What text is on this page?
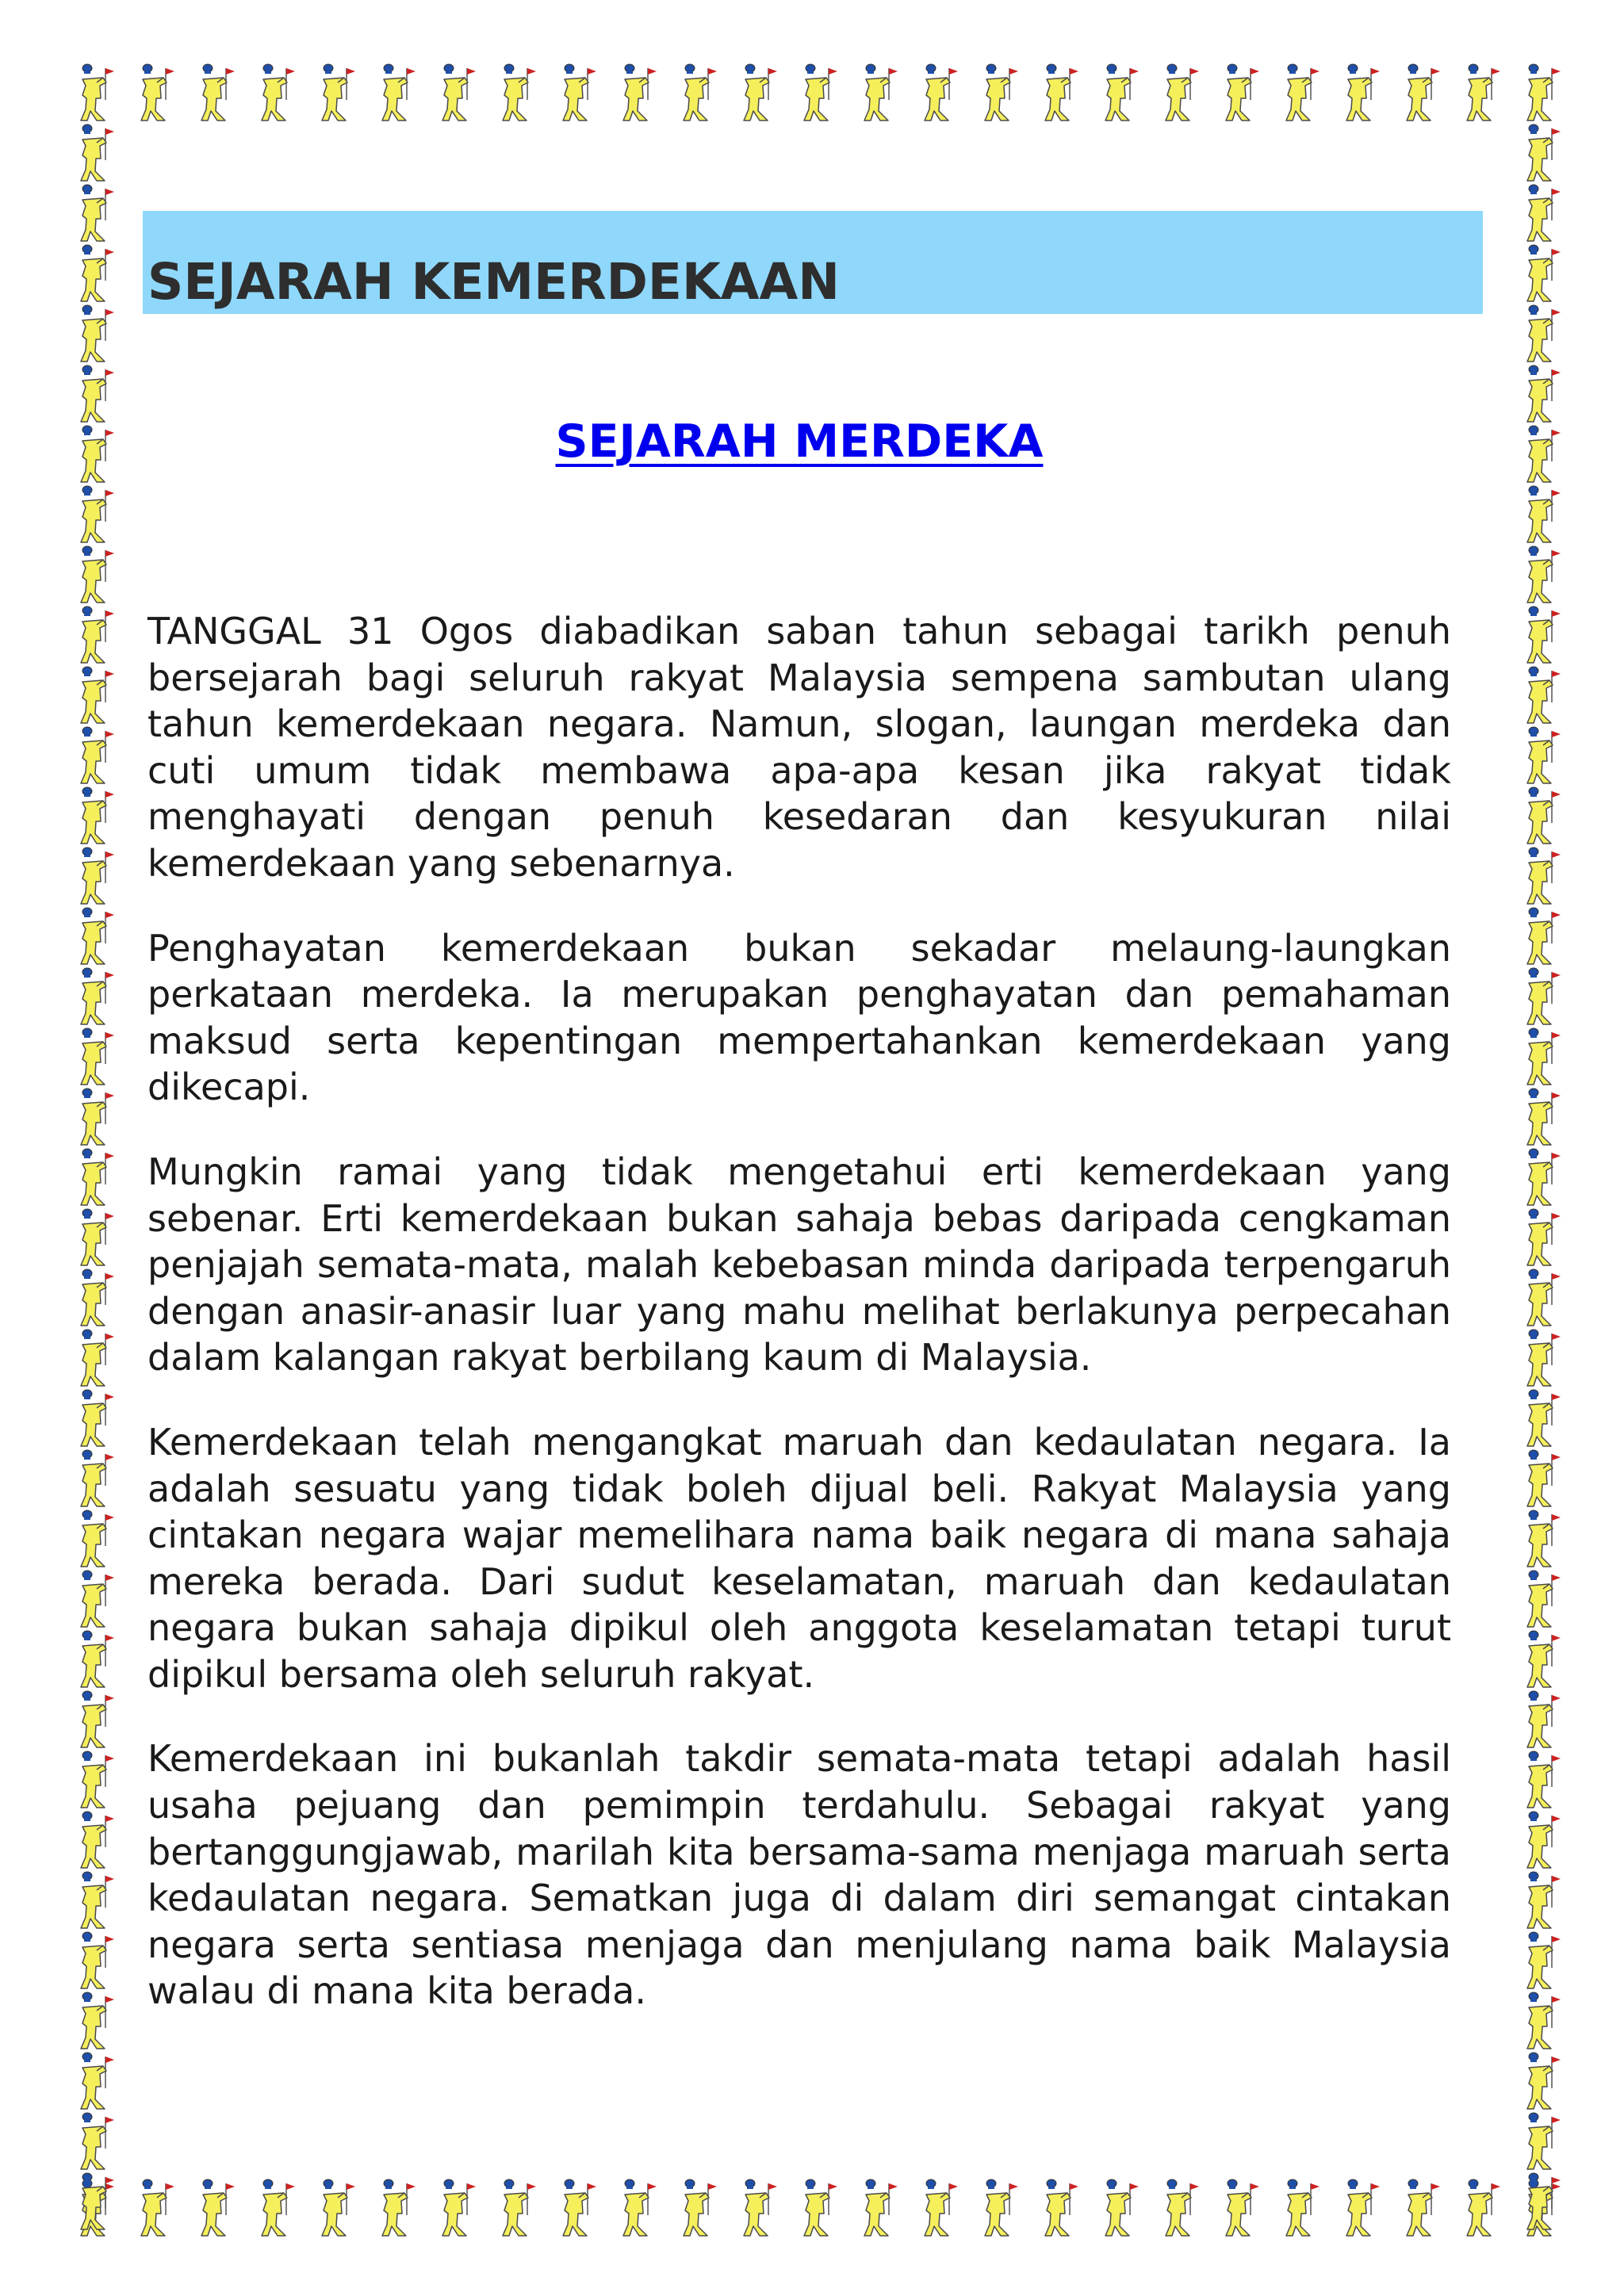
SEJARAH KEMERDEKAAN
SEJARAH MERDEKA

TANGGAL 31 Ogos diabadikan saban tahun sebagai tarikh penuh bersejarah bagi seluruh rakyat Malaysia sempena sambutan ulang tahun kemerdekaan negara. Namun, slogan, laungan merdeka dan cuti umum tidak membawa apa-apa kesan jika rakyat tidak menghayati dengan penuh kesedaran dan kesyukuran nilai kemerdekaan yang sebenarnya.

Penghayatan kemerdekaan bukan sekadar melaung-laungkan perkataan merdeka. Ia merupakan penghayatan dan pemahaman maksud serta kepentingan mempertahankan kemerdekaan yang dikecapi.

Mungkin ramai yang tidak mengetahui erti kemerdekaan yang sebenar. Erti kemerdekaan bukan sahaja bebas daripada cengkaman penjajah semata-mata, malah kebebasan minda daripada terpengaruh dengan anasir-anasir luar yang mahu melihat berlakunya perpecahan dalam kalangan rakyat berbilang kaum di Malaysia.

Kemerdekaan telah mengangkat maruah dan kedaulatan negara. Ia adalah sesuatu yang tidak boleh dijual beli. Rakyat Malaysia yang cintakan negara wajar memelihara nama baik negara di mana sahaja mereka berada. Dari sudut keselamatan, maruah dan kedaulatan negara bukan sahaja dipikul oleh anggota keselamatan tetapi turut dipikul bersama oleh seluruh rakyat.

Kemerdekaan ini bukanlah takdir semata-mata tetapi adalah hasil usaha pejuang dan pemimpin terdahulu. Sebagai rakyat yang bertanggungjawab, marilah kita bersama-sama menjaga maruah serta kedaulatan negara. Sematkan juga di dalam diri semangat cintakan negara serta sentiasa menjaga dan menjulang nama baik Malaysia walau di mana kita berada.
